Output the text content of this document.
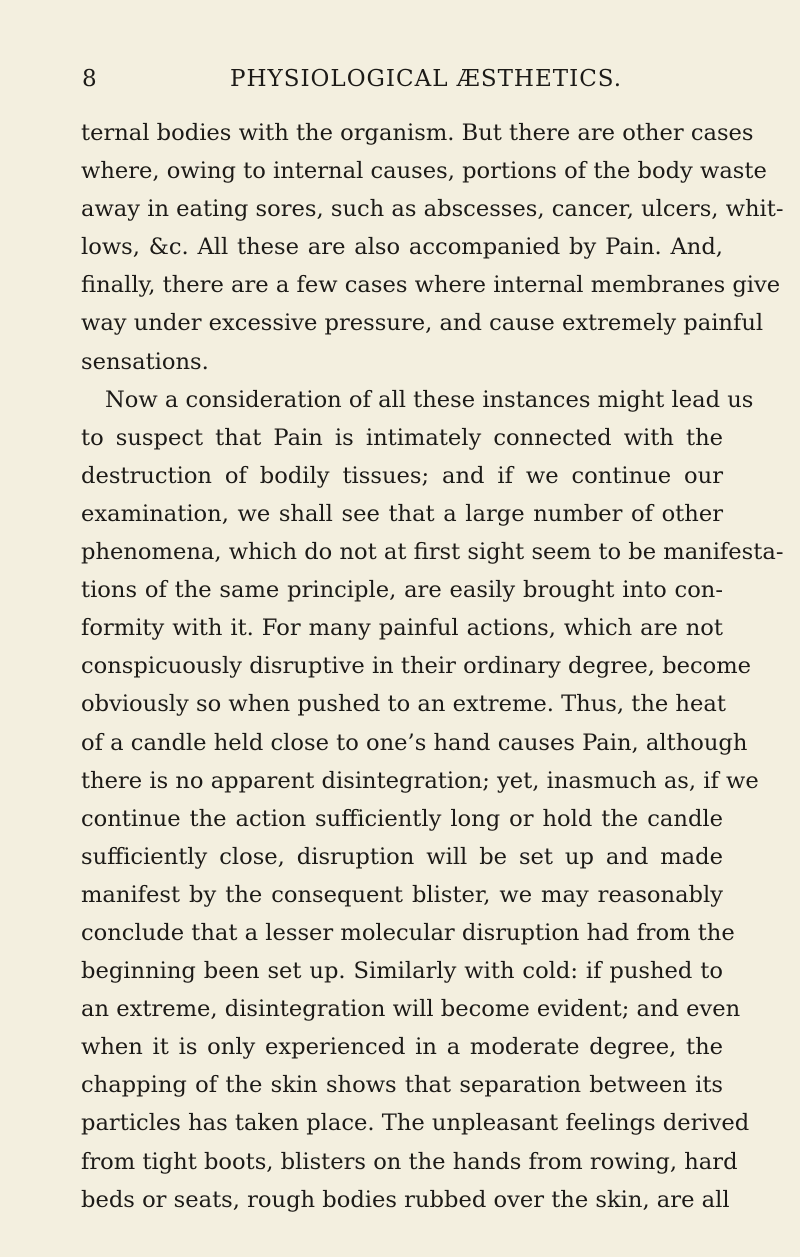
8	PHYSIOLOGICAL ÆSTHETICS.
ternal bodies with the organism. But there are other cases
where, owing to internal causes, portions of the body waste
away in eating sores, such as abscesses, cancer, ulcers, whit-
lows, &c. All these are also accompanied by Pain. And,
finally, there are a few cases where internal membranes give
way under excessive pressure, and cause extremely painful
sensations.
Now a consideration of all these instances might lead us
to suspect that Pain is intimately connected with the
destruction of bodily tissues; and if we continue our
examination, we shall see that a large number of other
phenomena, which do not at first sight seem to be manifesta-
tions of the same principle, are easily brought into con-
formity with it. For many painful actions, which are not
conspicuously disruptive in their ordinary degree, become
obviously so when pushed to an extreme. Thus, the heat
of a candle held close to one’s hand causes Pain, although
there is no apparent disintegration; yet, inasmuch as, if we
continue the action sufficiently long or hold the candle
sufficiently close, disruption will be set up and made
manifest by the consequent blister, we may reasonably
conclude that a lesser molecular disruption had from the
beginning been set up. Similarly with cold: if pushed to
an extreme, disintegration will become evident; and even
when it is only experienced in a moderate degree, the
chapping of the skin shows that separation between its
particles has taken place. The unpleasant feelings derived
from tight boots, blisters on the hands from rowing, hard
beds or seats, rough bodies rubbed over the skin, are all
